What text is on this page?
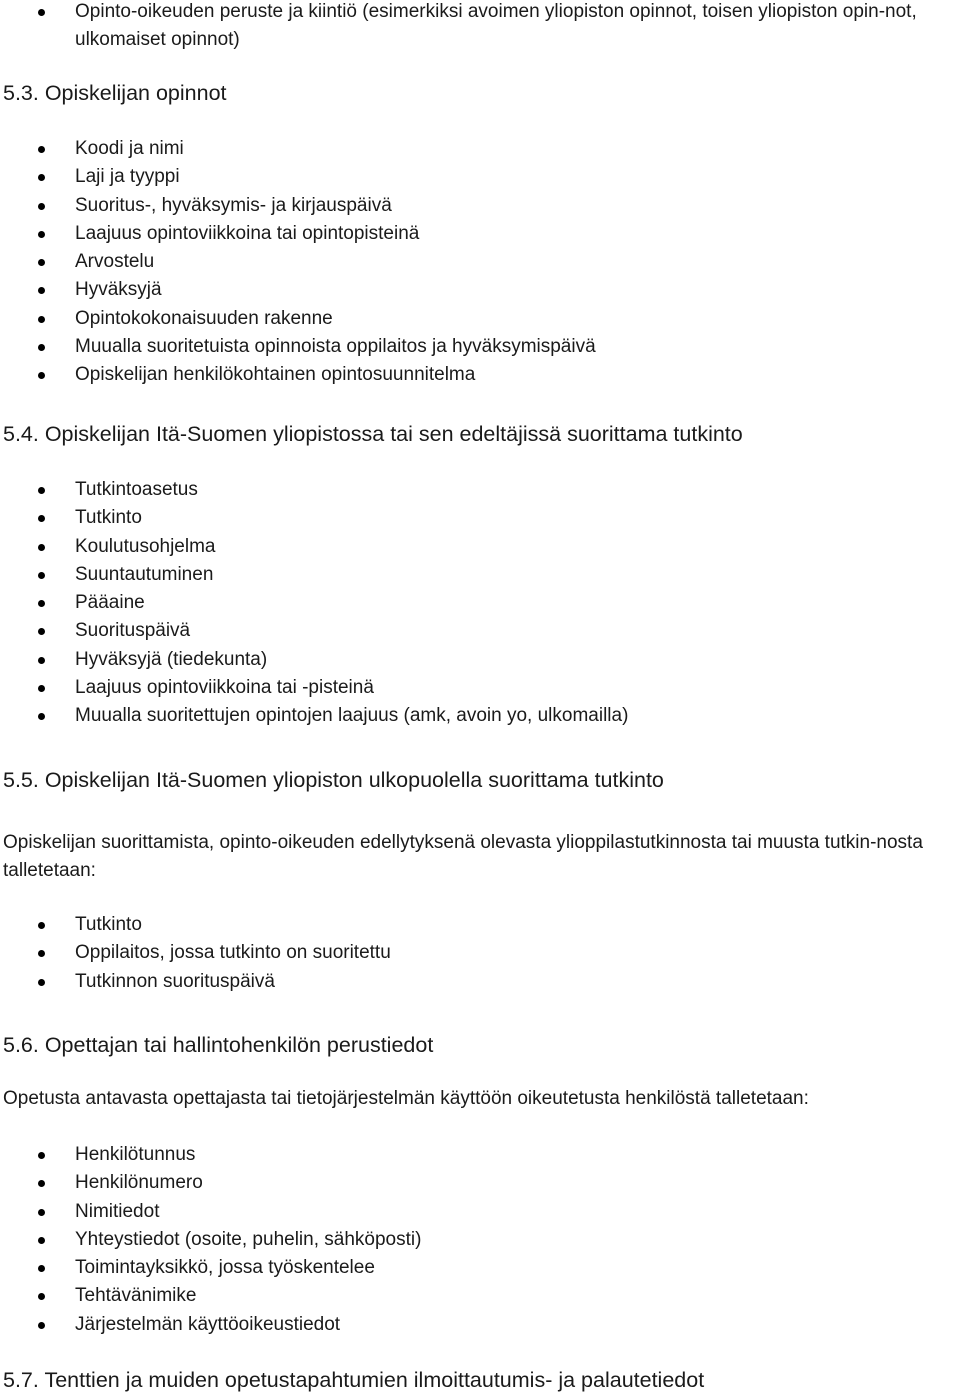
Opinto-oikeuden peruste ja kiintiö (esimerkiksi avoimen yliopiston opinnot, toisen yliopiston opin-not, ulkomaiset opinnot)
5.3. Opiskelijan opinnot
Koodi ja nimi
Laji ja tyyppi
Suoritus-, hyväksymis- ja kirjauspäivä
Laajuus opintoviikkoina tai opintopisteinä
Arvostelu
Hyväksyjä
Opintokokonaisuuden rakenne
Muualla suoritetuista opinnoista oppilaitos ja hyväksymispäivä
Opiskelijan henkilökohtainen opintosuunnitelma
5.4. Opiskelijan Itä-Suomen yliopistossa tai sen edeltäjissä suorittama tutkinto
Tutkintoasetus
Tutkinto
Koulutusohjelma
Suuntautuminen
Pääaine
Suorituspäivä
Hyväksyjä (tiedekunta)
Laajuus opintoviikkoina tai -pisteinä
Muualla suoritettujen opintojen laajuus (amk, avoin yo, ulkomailla)
5.5. Opiskelijan Itä-Suomen yliopiston ulkopuolella suorittama tutkinto
Opiskelijan suorittamista, opinto-oikeuden edellytyksenä olevasta ylioppilastutkinnosta tai muusta tutkin-nosta talletetaan:
Tutkinto
Oppilaitos, jossa tutkinto on suoritettu
Tutkinnon suorituspäivä
5.6. Opettajan tai hallintohenkilön perustiedot
Opetusta antavasta opettajasta tai tietojärjestelmän käyttöön oikeutetusta henkilöstä talletetaan:
Henkilötunnus
Henkilönumero
Nimitiedot
Yhteystiedot (osoite, puhelin, sähköposti)
Toimintayksikkö, jossa työskentelee
Tehtävänimike
Järjestelmän käyttöoikeustiedot
5.7. Tenttien ja muiden opetustapahtumien ilmoittautumis- ja palautetiedot
